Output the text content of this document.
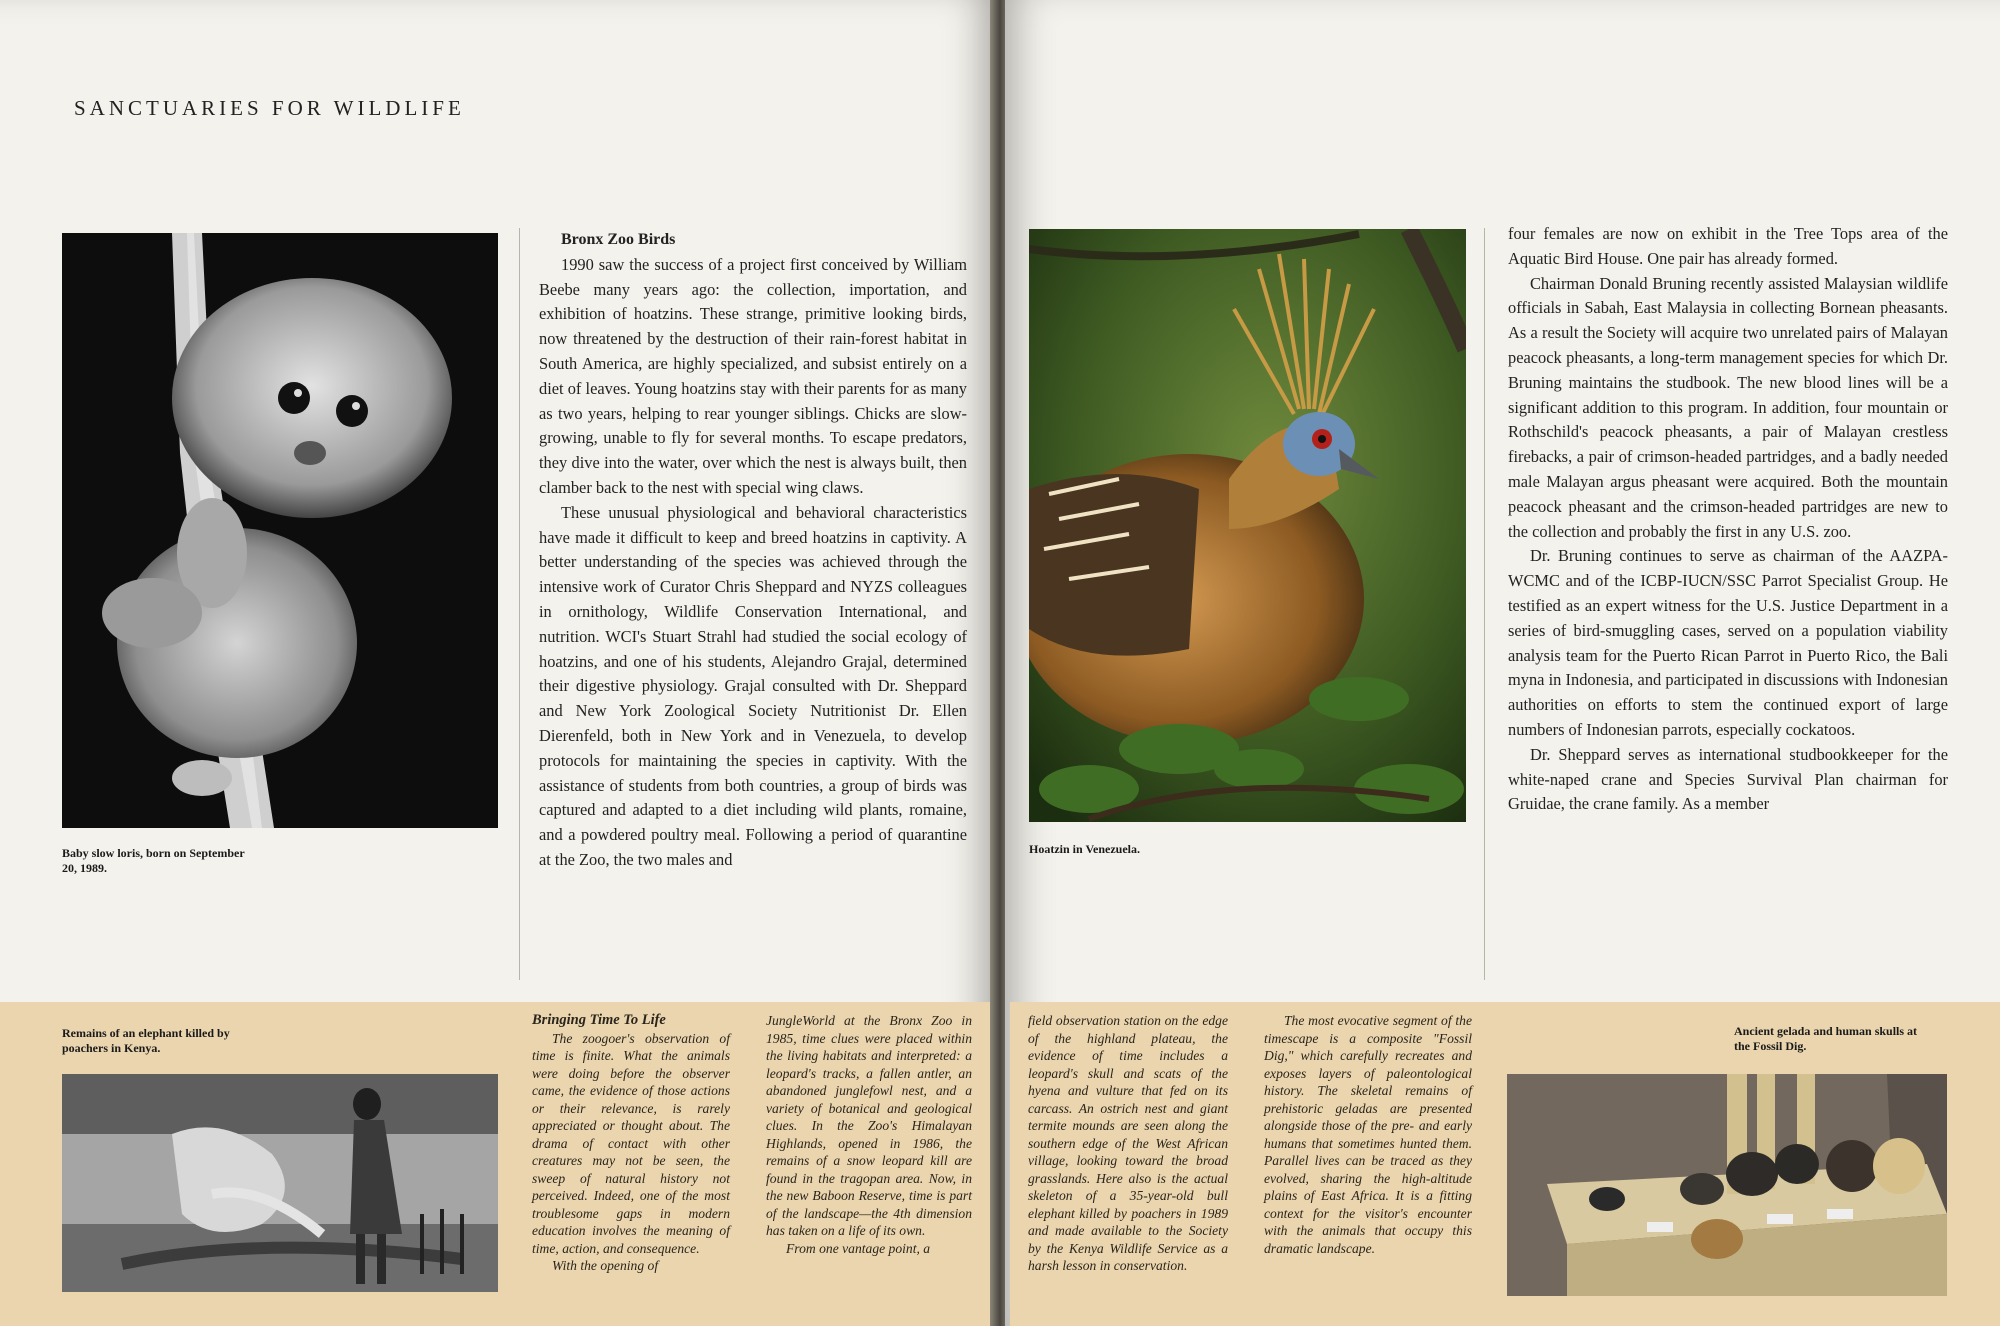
SANCTUARIES FOR WILDLIFE
Baby slow loris, born on September 20, 1989.

Bronx Zoo Birds

1990 saw the success of a project first conceived by William Beebe many years ago: the collection, importation, and exhibition of hoatzins. These strange, primitive looking birds, now threatened by the destruction of their rain-forest habitat in South America, are highly specialized, and subsist entirely on a diet of leaves. Young hoatzins stay with their parents for as many as two years, helping to rear younger siblings. Chicks are slow-growing, unable to fly for several months. To escape predators, they dive into the water, over which the nest is always built, then clamber back to the nest with special wing claws.

These unusual physiological and behavioral characteristics have made it difficult to keep and breed hoatzins in captivity. A better understanding of the species was achieved through the intensive work of Curator Chris Sheppard and NYZS colleagues in ornithology, Wildlife Conservation International, and nutrition. WCI's Stuart Strahl had studied the social ecology of hoatzins, and one of his students, Alejandro Grajal, determined their digestive physiology. Grajal consulted with Dr. Sheppard and New York Zoological Society Nutritionist Dr. Ellen Dierenfeld, both in New York and in Venezuela, to develop protocols for maintaining the species in captivity. With the assistance of students from both countries, a group of birds was captured and adapted to a diet including wild plants, romaine, and a powdered poultry meal. Following a period of quarantine at the Zoo, the two males and

Hoatzin in Venezuela.

four females are now on exhibit in the Tree Tops area of the Aquatic Bird House. One pair has already formed.

Chairman Donald Bruning recently assisted Malaysian wildlife officials in Sabah, East Malaysia in collecting Bornean pheasants. As a result the Society will acquire two unrelated pairs of Malayan peacock pheasants, a long-term management species for which Dr. Bruning maintains the studbook. The new blood lines will be a significant addition to this program. In addition, four mountain or Rothschild's peacock pheasants, a pair of Malayan crestless firebacks, a pair of crimson-headed partridges, and a badly needed male Malayan argus pheasant were acquired. Both the mountain peacock pheasant and the crimson-headed partridges are new to the collection and probably the first in any U.S. zoo.

Dr. Bruning continues to serve as chairman of the AAZPA-WCMC and of the ICBP-IUCN/SSC Parrot Specialist Group. He testified as an expert witness for the U.S. Justice Department in a series of bird-smuggling cases, served on a population viability analysis team for the Puerto Rican Parrot in Puerto Rico, the Bali myna in Indonesia, and participated in discussions with Indonesian authorities on efforts to stem the continued export of large numbers of Indonesian parrots, especially cockatoos.

Dr. Sheppard serves as international studbookkeeper for the white-naped crane and Species Survival Plan chairman for Gruidae, the crane family. As a member

Remains of an elephant killed by poachers in Kenya.

Bringing Time To Life

The zoogoer's observation of time is finite. What the animals were doing before the observer came, the evidence of those actions or their relevance, is rarely appreciated or thought about. The drama of contact with other creatures may not be seen, the sweep of natural history not perceived. Indeed, one of the most troublesome gaps in modern education involves the meaning of time, action, and consequence.

With the opening of

JungleWorld at the Bronx Zoo in 1985, time clues were placed within the living habitats and interpreted: a leopard's tracks, a fallen antler, an abandoned junglefowl nest, and a variety of botanical and geological clues. In the Zoo's Himalayan Highlands, opened in 1986, the remains of a snow leopard kill are found in the tragopan area. Now, in the new Baboon Reserve, time is part of the landscape—the 4th dimension has taken on a life of its own.

From one vantage point, a

field observation station on the edge of the highland plateau, the evidence of time includes a leopard's skull and scats of the hyena and vulture that fed on its carcass. An ostrich nest and giant termite mounds are seen along the southern edge of the West African village, looking toward the broad grasslands. Here also is the actual skeleton of a 35-year-old bull elephant killed by poachers in 1989 and made available to the Society by the Kenya Wildlife Service as a harsh lesson in conservation.

The most evocative segment of the timescape is a composite "Fossil Dig," which carefully recreates and exposes layers of paleontological history. The skeletal remains of prehistoric geladas are presented alongside those of the pre- and early humans that sometimes hunted them. Parallel lives can be traced as they evolved, sharing the high-altitude plains of East Africa. It is a fitting context for the visitor's encounter with the animals that occupy this dramatic landscape.

Ancient gelada and human skulls at the Fossil Dig.
